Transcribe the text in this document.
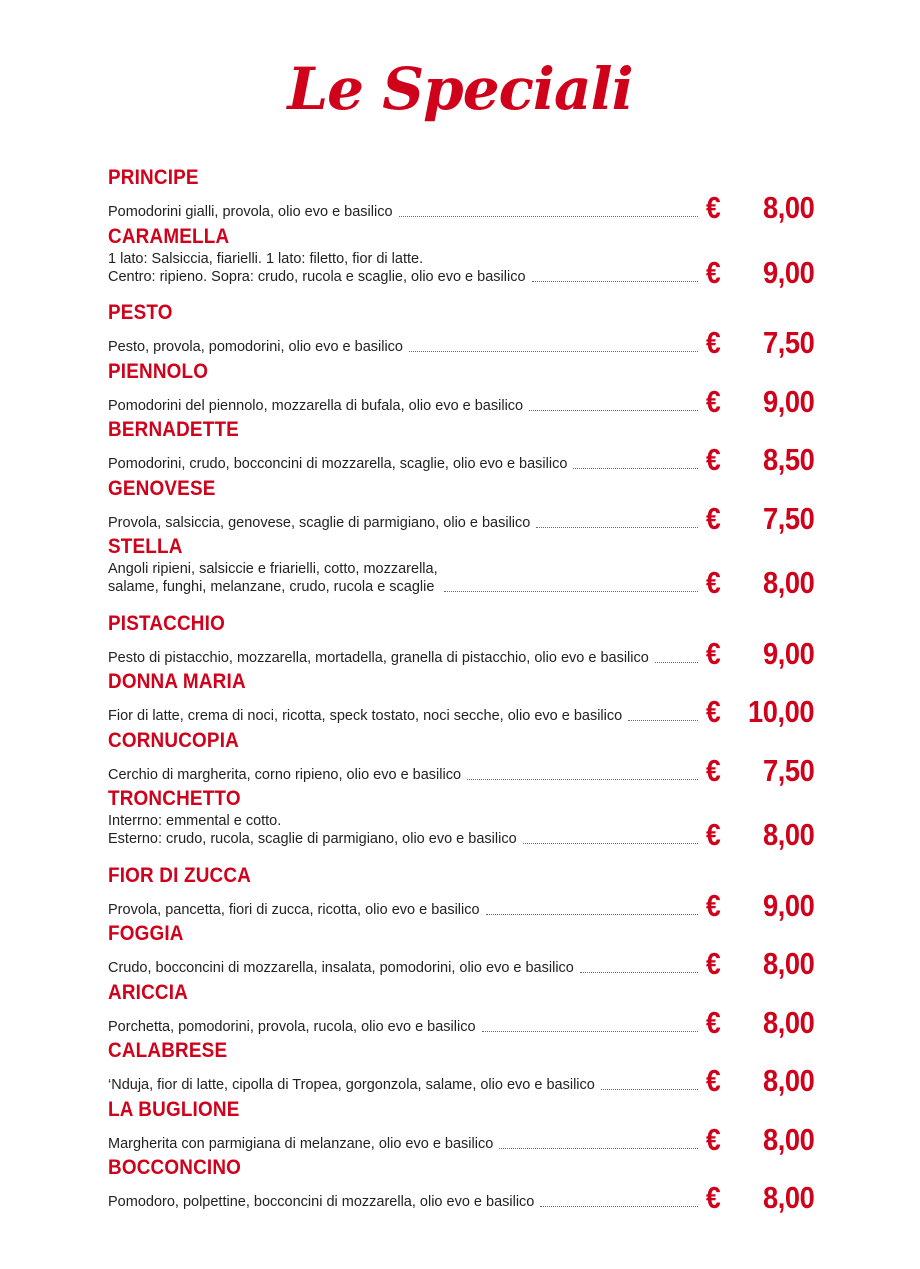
Le Speciali
PRINCIPE
Pomodorini gialli, provola, olio evo e basilico	€ 8,00
CARAMELLA
1 lato: Salsiccia, fiarielli. 1 lato: filetto, fior di latte.
Centro: ripieno. Sopra: crudo, rucola e scaglie, olio evo e basilico	€ 9,00
PESTO
Pesto, provola, pomodorini, olio evo e basilico	€ 7,50
PIENNOLO
Pomodorini del piennolo, mozzarella di bufala, olio evo e basilico	€ 9,00
BERNADETTE
Pomodorini, crudo, bocconcini di mozzarella, scaglie, olio evo e basilico	€ 8,50
GENOVESE
Provola, salsiccia, genovese, scaglie di parmigiano, olio e basilico	€ 7,50
STELLA
Angoli ripieni, salsiccie e friarielli, cotto, mozzarella,
salame, funghi, melanzane, crudo, rucola e scaglie	€ 8,00
PISTACCHIO
Pesto di pistacchio, mozzarella, mortadella, granella di pistacchio, olio evo e basilico € 9,00
DONNA MARIA
Fior di latte, crema di noci, ricotta, speck tostato, noci secche, olio evo e basilico	€ 10,00
CORNUCOPIA
Cerchio di margherita, corno ripieno, olio evo e basilico	€ 7,50
TRONCHETTO
Interrno: emmental e cotto.
Esterno: crudo, rucola, scaglie di parmigiano, olio evo e basilico	€ 8,00
FIOR DI ZUCCA
Provola, pancetta, fiori di zucca, ricotta, olio evo e basilico	€ 9,00
FOGGIA
Crudo, bocconcini di mozzarella, insalata, pomodorini, olio evo e basilico	€ 8,00
ARICCIA
Porchetta, pomodorini, provola, rucola, olio evo e basilico	€ 8,00
CALABRESE
‘Nduja, fior di latte, cipolla di Tropea, gorgonzola, salame, olio evo e basilico	€ 8,00
LA BUGLIONE
Margherita con parmigiana di melanzane, olio evo e basilico	€ 8,00
BOCCONCINO
Pomodoro, polpettine, bocconcini di mozzarella, olio evo e basilico	€ 8,00
